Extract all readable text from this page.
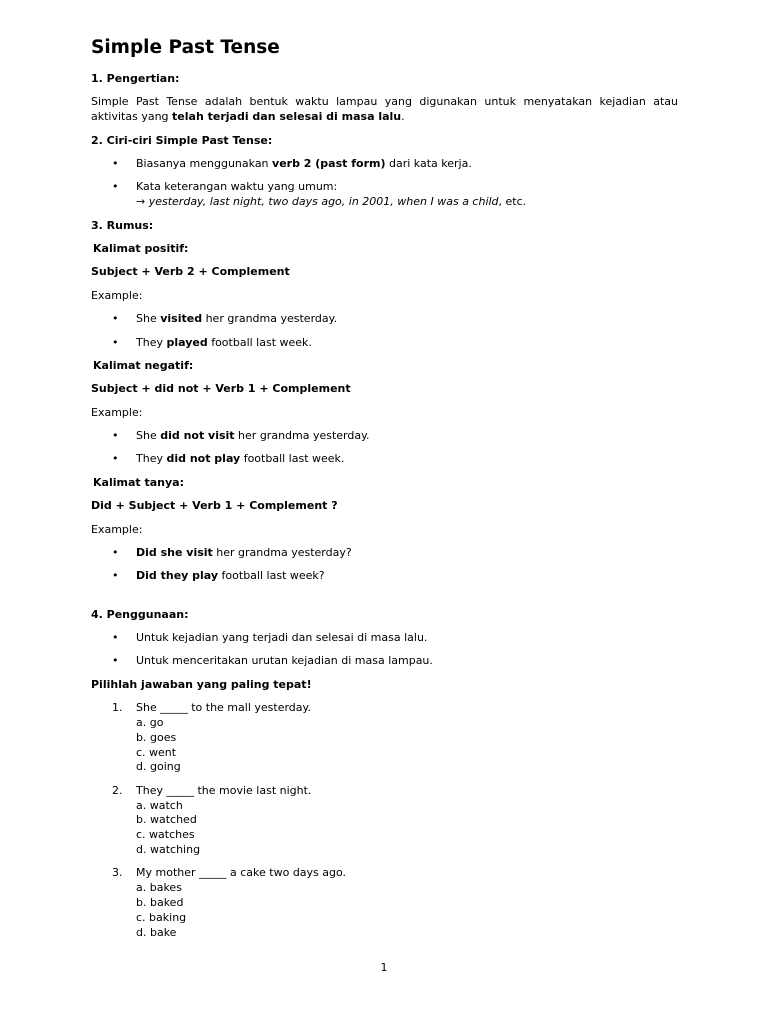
Simple Past Tense

1. Pengertian:

Simple Past Tense adalah bentuk waktu lampau yang digunakan untuk menyatakan kejadian atau aktivitas yang telah terjadi dan selesai di masa lalu.

2. Ciri-ciri Simple Past Tense:

• Biasanya menggunakan verb 2 (past form) dari kata kerja.
• Kata keterangan waktu yang umum:
→ yesterday, last night, two days ago, in 2001, when I was a child, etc.

3. Rumus:

Kalimat positif:

Subject + Verb 2 + Complement

Example:

• She visited her grandma yesterday.
• They played football last week.

Kalimat negatif:

Subject + did not + Verb 1 + Complement

Example:

• She did not visit her grandma yesterday.
• They did not play football last week.

Kalimat tanya:

Did + Subject + Verb 1 + Complement ?

Example:

• Did she visit her grandma yesterday?
• Did they play football last week?

4. Penggunaan:

• Untuk kejadian yang terjadi dan selesai di masa lalu.
• Untuk menceritakan urutan kejadian di masa lampau.

Pilihlah jawaban yang paling tepat!

1. She _____ to the mall yesterday.
a. go
b. goes
c. went
d. going
2. They _____ the movie last night.
a. watch
b. watched
c. watches
d. watching
3. My mother _____ a cake two days ago.
a. bakes
b. baked
c. baking
d. bake
1
